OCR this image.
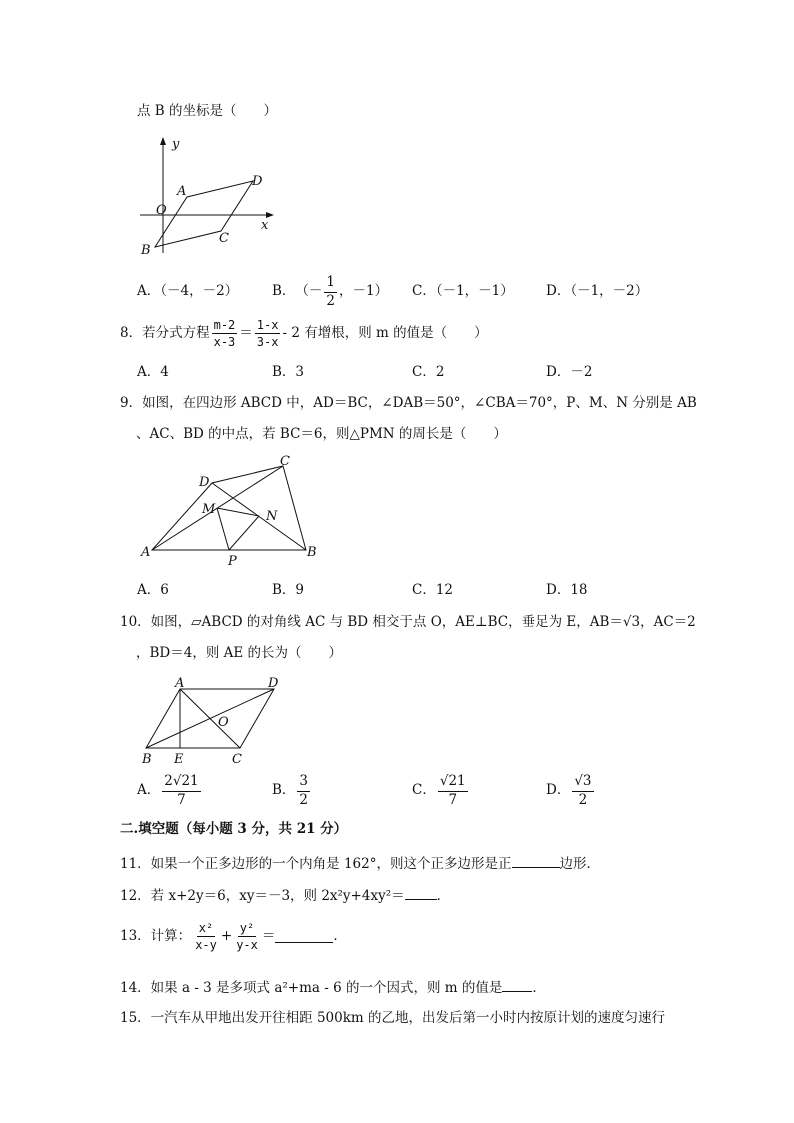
点 B 的坐标是（　　）
y
x
O
A
D
C
B
A．（－4，－2）	B． （－ $\frac{1}{2}$ ，－1） C．（－1，－1） D．（－1，－2）
8．若分式方程 $\frac{m-2}{x-3} = \frac{1-x}{3-x} - 2$ 有增根，则 m 的值是（　　）
A．4	B．3	C．2	D．－2
9．如图，在四边形 ABCD 中，AD＝BC，∠DAB＝50°，∠CBA＝70°，P、M、N 分别是 AB
、AC、BD 的中点，若 BC＝6，则△PMN 的周长是（　　）
A	B
C
D
M	N
P
A．6	B．9	C．12	D．18
10．如图，▱ABCD 的对角线 AC 与 BD 相交于点 O，AE⊥BC，垂足为 E，AB＝√3，AC＝2
，BD＝4，则 AE 的长为（　　）
A	D
O
B E	C
A． $\frac{2√21}{7}$	B． $\frac{3}{2}$	C． $\frac{√21}{7}$	D． $\frac{√3}{2}$
二.填空题（每小题 3 分，共 21 分）
11．如果一个正多边形的一个内角是 162°，则这个正多边形是正	边形．
12．若 x+2y＝6，xy＝－3，则 2x²y+4xy²＝ ．
13．计算： $\frac{\text{x²}}{x-y} + \frac{\text{y²}}{y-x}$ ＝	．
14．如果 a - 3 是多项式 a²+ma - 6 的一个因式，则 m 的值是 ．
15．一汽车从甲地出发开往相距 500km 的乙地，出发后第一小时内按原计划的速度匀速行
